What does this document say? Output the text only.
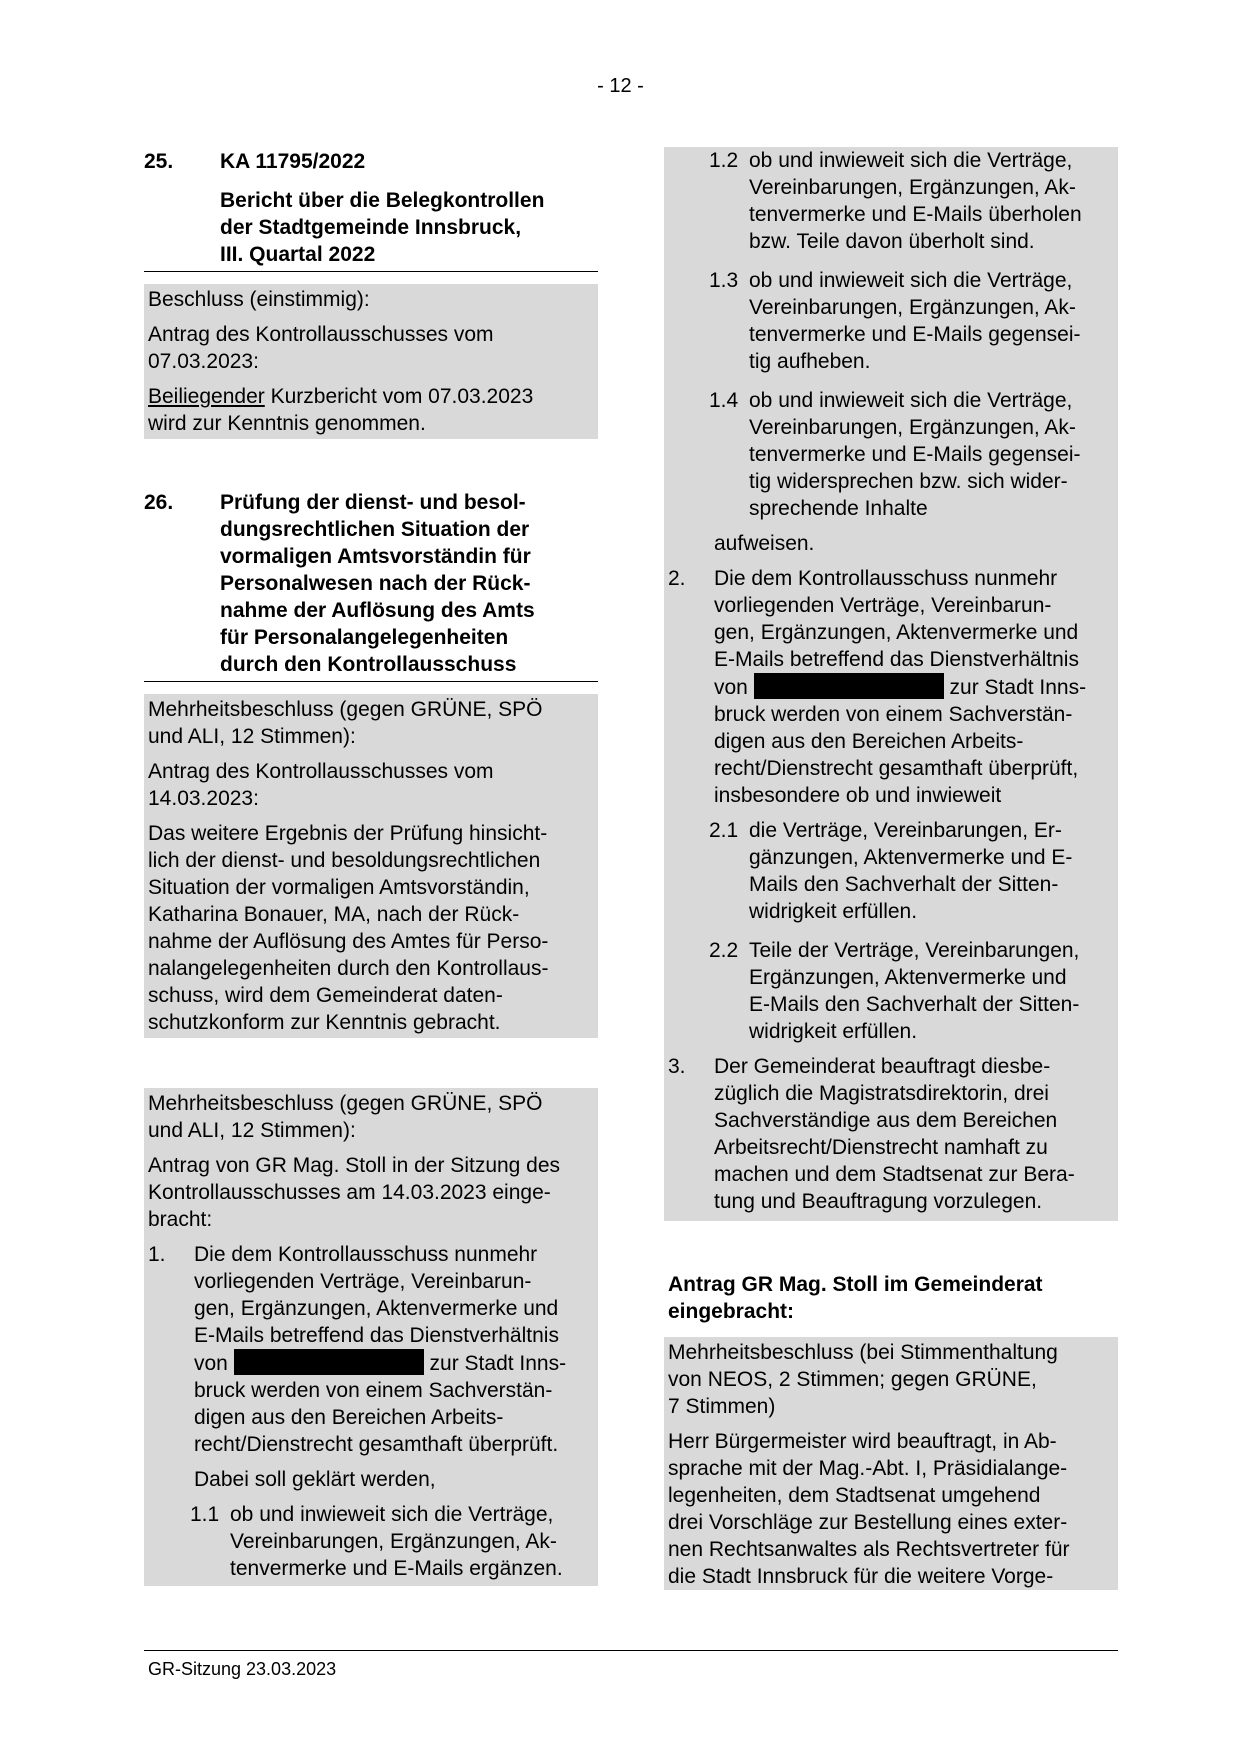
- 12 -
25.	KA 11795/2022

Bericht über die Belegkontrollen

der Stadtgemeinde Innsbruck,

III. Quartal 2022

Beschluss (einstimmig):

Antrag des Kontrollausschusses vom

07.03.2023:

Beiliegender Kurzbericht vom 07.03.2023

wird zur Kenntnis genommen.

26.	Prüfung der dienst- und besol-

dungsrechtlichen Situation der

vormaligen Amtsvorständin für

Personalwesen nach der Rück-

nahme der Auflösung des Amts

für Personalangelegenheiten

durch den Kontrollausschuss

Mehrheitsbeschluss (gegen GRÜNE, SPÖ

und ALI, 12 Stimmen):

Antrag des Kontrollausschusses vom

14.03.2023:

Das weitere Ergebnis der Prüfung hinsicht-

lich der dienst- und besoldungsrechtlichen

Situation der vormaligen Amtsvorständin,

Katharina Bonauer, MA, nach der Rück-

nahme der Auflösung des Amtes für Perso-

nalangelegenheiten durch den Kontrollaus-

schuss, wird dem Gemeinderat daten-

schutzkonform zur Kenntnis gebracht.

Mehrheitsbeschluss (gegen GRÜNE, SPÖ

und ALI, 12 Stimmen):

Antrag von GR Mag. Stoll in der Sitzung des

Kontrollausschusses am 14.03.2023 einge-

bracht:

1.	Die dem Kontrollausschuss nunmehr

vorliegenden Verträge, Vereinbarun-

gen, Ergänzungen, Aktenvermerke und

E-Mails betreffend das Dienstverhältnis

von	zur Stadt Inns-

bruck werden von einem Sachverstän-

digen aus den Bereichen Arbeits-

recht/Dienstrecht gesamthaft überprüft.

Dabei soll geklärt werden,

1.1 ob und inwieweit sich die Verträge,

Vereinbarungen, Ergänzungen, Ak-

tenvermerke und E-Mails ergänzen.

1.2 ob und inwieweit sich die Verträge,

Vereinbarungen, Ergänzungen, Ak-

tenvermerke und E-Mails überholen

bzw. Teile davon überholt sind.

1.3 ob und inwieweit sich die Verträge,

Vereinbarungen, Ergänzungen, Ak-

tenvermerke und E-Mails gegensei-

tig aufheben.

1.4 ob und inwieweit sich die Verträge,

Vereinbarungen, Ergänzungen, Ak-

tenvermerke und E-Mails gegensei-

tig widersprechen bzw. sich wider-

sprechende Inhalte

aufweisen.

2.	Die dem Kontrollausschuss nunmehr

vorliegenden Verträge, Vereinbarun-

gen, Ergänzungen, Aktenvermerke und

E-Mails betreffend das Dienstverhältnis

von	zur Stadt Inns-

bruck werden von einem Sachverstän-

digen aus den Bereichen Arbeits-

recht/Dienstrecht gesamthaft überprüft,

insbesondere ob und inwieweit

2.1 die Verträge, Vereinbarungen, Er-

gänzungen, Aktenvermerke und E-

Mails den Sachverhalt der Sitten-

widrigkeit erfüllen.

2.2 Teile der Verträge, Vereinbarungen,

Ergänzungen, Aktenvermerke und

E-Mails den Sachverhalt der Sitten-

widrigkeit erfüllen.

3.	Der Gemeinderat beauftragt diesbe-

züglich die Magistratsdirektorin, drei

Sachverständige aus dem Bereichen

Arbeitsrecht/Dienstrecht namhaft zu

machen und dem Stadtsenat zur Bera-

tung und Beauftragung vorzulegen.

Antrag GR Mag. Stoll im Gemeinderat

eingebracht:

Mehrheitsbeschluss (bei Stimmenthaltung

von NEOS, 2 Stimmen; gegen GRÜNE,

7 Stimmen)

Herr Bürgermeister wird beauftragt, in Ab-

sprache mit der Mag.-Abt. I, Präsidialange-

legenheiten, dem Stadtsenat umgehend

drei Vorschläge zur Bestellung eines exter-

nen Rechtsanwaltes als Rechtsvertreter für

die Stadt Innsbruck für die weitere Vorge-

GR-Sitzung 23.03.2023
